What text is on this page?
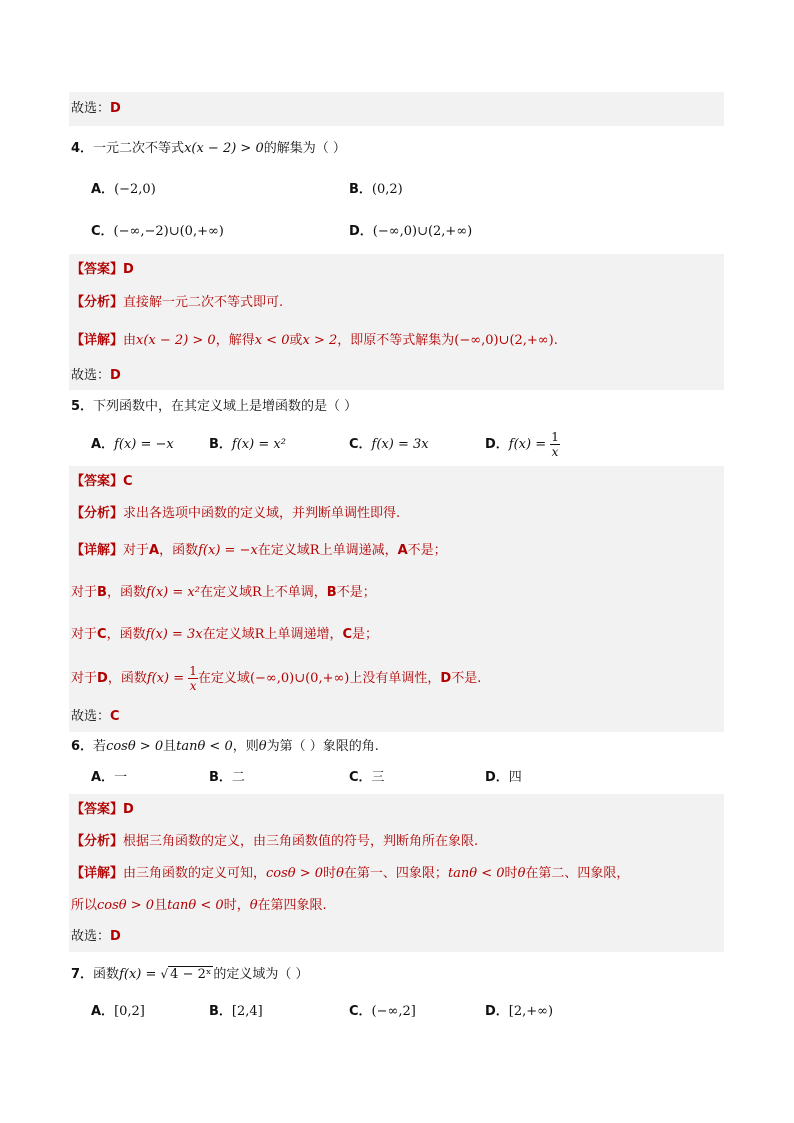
故选：D
4．一元二次不等式x(x − 2) > 0的解集为（ ）
A．(−2,0)	B．(0,2)
C．(−∞,−2)∪(0,+∞)	D．(−∞,0)∪(2,+∞)
【答案】D
【分析】直接解一元二次不等式即可.
【详解】由x(x − 2) > 0，解得x < 0或x > 2，即原不等式解集为(−∞,0)∪(2,+∞).
故选：D
5．下列函数中，在其定义域上是增函数的是（ ）
A．f(x) = −x	B．f(x) = x²	C．f(x) = 3x	D．$f(x) = \frac{1}{x}$
【答案】C
【分析】求出各选项中函数的定义域，并判断单调性即得.
【详解】对于A，函数f(x) = −x在定义域R上单调递减，A不是；
对于B，函数f(x) = x²在定义域R上不单调，B不是；
对于C，函数f(x) = 3x在定义域R上单调递增，C是；
对于D，函数$f(x) = \frac{1}{x}$ 在定义域(−∞,0)∪(0,+∞)上没有单调性，D不是.
故选：C
6．若cosθ > 0且tanθ < 0，则θ为第（ ）象限的角.
A．一	B．二	C．三	D．四
【答案】D
【分析】根据三角函数的定义，由三角函数值的符号，判断角所在象限.
【详解】由三角函数的定义可知，cosθ > 0时θ在第一、四象限；tanθ < 0时θ在第二、四象限，
所以cosθ > 0且tanθ < 0时，θ在第四象限.
故选：D
7．函数f(x) = √ 4 − 2ˣ 的定义域为（ ）
A．[0,2]	B．[2,4]	C．(−∞,2]	D．[2,+∞)
